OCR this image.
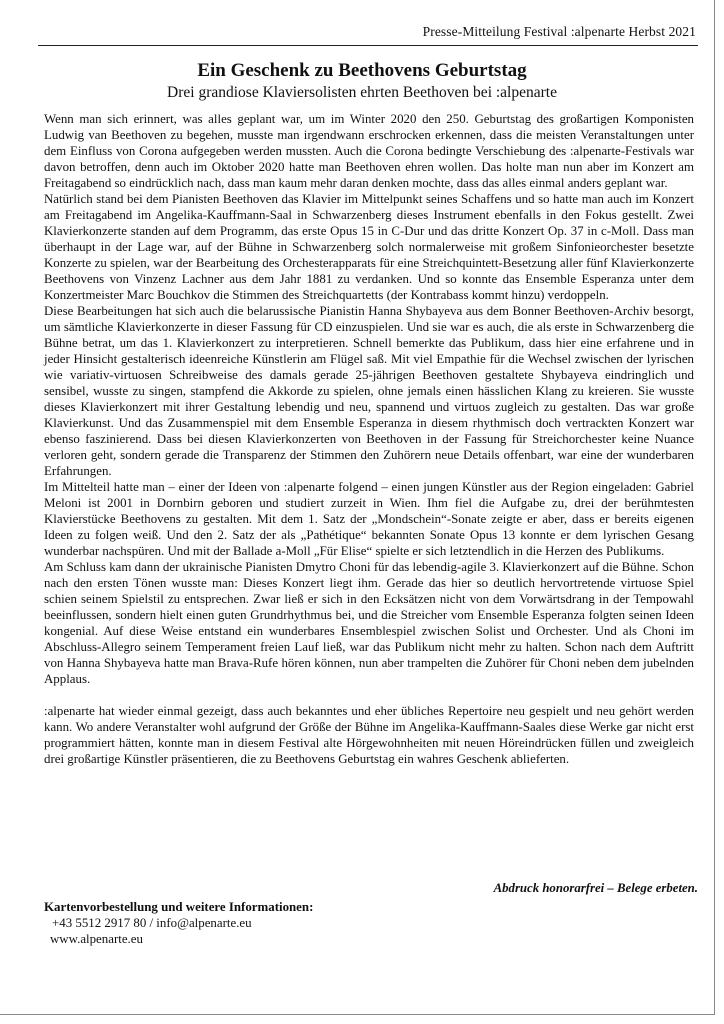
Presse-Mitteilung Festival :alpenarte Herbst 2021
Ein Geschenk zu Beethovens Geburtstag
Drei grandiose Klaviersolisten ehrten Beethoven bei :alpenarte

Wenn man sich erinnert, was alles geplant war, um im Winter 2020 den 250. Geburtstag des großartigen Komponisten Ludwig van Beethoven zu begehen, musste man irgendwann erschrocken erkennen, dass die meisten Veranstaltungen unter dem Einfluss von Corona aufgegeben werden mussten. Auch die Corona bedingte Verschiebung des :alpenarte-Festivals war davon betroffen, denn auch im Oktober 2020 hatte man Beethoven ehren wollen. Das holte man nun aber im Konzert am Freitagabend so eindrücklich nach, dass man kaum mehr daran denken mochte, dass das alles einmal anders geplant war.

Natürlich stand bei dem Pianisten Beethoven das Klavier im Mittelpunkt seines Schaffens und so hatte man auch im Konzert am Freitagabend im Angelika-Kauffmann-Saal in Schwarzenberg dieses Instrument ebenfalls in den Fokus gestellt. Zwei Klavierkonzerte standen auf dem Programm, das erste Opus 15 in C-Dur und das dritte Konzert Op. 37 in c-Moll. Dass man überhaupt in der Lage war, auf der Bühne in Schwarzenberg solch normalerweise mit großem Sinfonieorchester besetzte Konzerte zu spielen, war der Bearbeitung des Orchesterapparats für eine Streichquintett-Besetzung aller fünf Klavierkonzerte Beethovens von Vinzenz Lachner aus dem Jahr 1881 zu verdanken. Und so konnte das Ensemble Esperanza unter dem Konzertmeister Marc Bouchkov die Stimmen des Streichquartetts (der Kontrabass kommt hinzu) verdoppeln.

Diese Bearbeitungen hat sich auch die belarussische Pianistin Hanna Shybayeva aus dem Bonner Beethoven-Archiv besorgt, um sämtliche Klavierkonzerte in dieser Fassung für CD einzuspielen. Und sie war es auch, die als erste in Schwarzenberg die Bühne betrat, um das 1. Klavierkonzert zu interpretieren. Schnell bemerkte das Publikum, dass hier eine erfahrene und in jeder Hinsicht gestalterisch ideenreiche Künstlerin am Flügel saß. Mit viel Empathie für die Wechsel zwischen der lyrischen wie variativ-virtuosen Schreibweise des damals gerade 25-jährigen Beethoven gestaltete Shybayeva eindringlich und sensibel, wusste zu singen, stampfend die Akkorde zu spielen, ohne jemals einen hässlichen Klang zu kreieren. Sie wusste dieses Klavierkonzert mit ihrer Gestaltung lebendig und neu, spannend und virtuos zugleich zu gestalten. Das war große Klavierkunst. Und das Zusammenspiel mit dem Ensemble Esperanza in diesem rhythmisch doch vertrackten Konzert war ebenso faszinierend. Dass bei diesen Klavierkonzerten von Beethoven in der Fassung für Streichorchester keine Nuance verloren geht, sondern gerade die Transparenz der Stimmen den Zuhörern neue Details offenbart, war eine der wunderbaren Erfahrungen.

Im Mittelteil hatte man – einer der Ideen von :alpenarte folgend – einen jungen Künstler aus der Region eingeladen: Gabriel Meloni ist 2001 in Dornbirn geboren und studiert zurzeit in Wien. Ihm fiel die Aufgabe zu, drei der berühmtesten Klavierstücke Beethovens zu gestalten. Mit dem 1. Satz der „Mondschein“-Sonate zeigte er aber, dass er bereits eigenen Ideen zu folgen weiß. Und den 2. Satz der als „Pathétique“ bekannten Sonate Opus 13 konnte er dem lyrischen Gesang wunderbar nachspüren. Und mit der Ballade a-Moll „Für Elise“ spielte er sich letztendlich in die Herzen des Publikums.

Am Schluss kam dann der ukrainische Pianisten Dmytro Choni für das lebendig-agile 3. Klavierkonzert auf die Bühne. Schon nach den ersten Tönen wusste man: Dieses Konzert liegt ihm. Gerade das hier so deutlich hervortretende virtuose Spiel schien seinem Spielstil zu entsprechen. Zwar ließ er sich in den Ecksätzen nicht von dem Vorwärtsdrang in der Tempowahl beeinflussen, sondern hielt einen guten Grundrhythmus bei, und die Streicher vom Ensemble Esperanza folgten seinen Ideen kongenial. Auf diese Weise entstand ein wunderbares Ensemblespiel zwischen Solist und Orchester. Und als Choni im Abschluss-Allegro seinem Temperament freien Lauf ließ, war das Publikum nicht mehr zu halten. Schon nach dem Auftritt von Hanna Shybayeva hatte man Brava-Rufe hören können, nun aber trampelten die Zuhörer für Choni neben dem jubelnden Applaus.

:alpenarte hat wieder einmal gezeigt, dass auch bekanntes und eher übliches Repertoire neu gespielt und neu gehört werden kann. Wo andere Veranstalter wohl aufgrund der Größe der Bühne im Angelika-Kauffmann-Saales diese Werke gar nicht erst programmiert hätten, konnte man in diesem Festival alte Hörgewohnheiten mit neuen Höreindrücken füllen und zweigleich drei großartige Künstler präsentieren, die zu Beethovens Geburtstag ein wahres Geschenk ablieferten.

Abdruck honorarfrei – Belege erbeten.
Kartenvorbestellung und weitere Informationen:
+43 5512 2917 80 / info@alpenarte.eu
www.alpenarte.eu
